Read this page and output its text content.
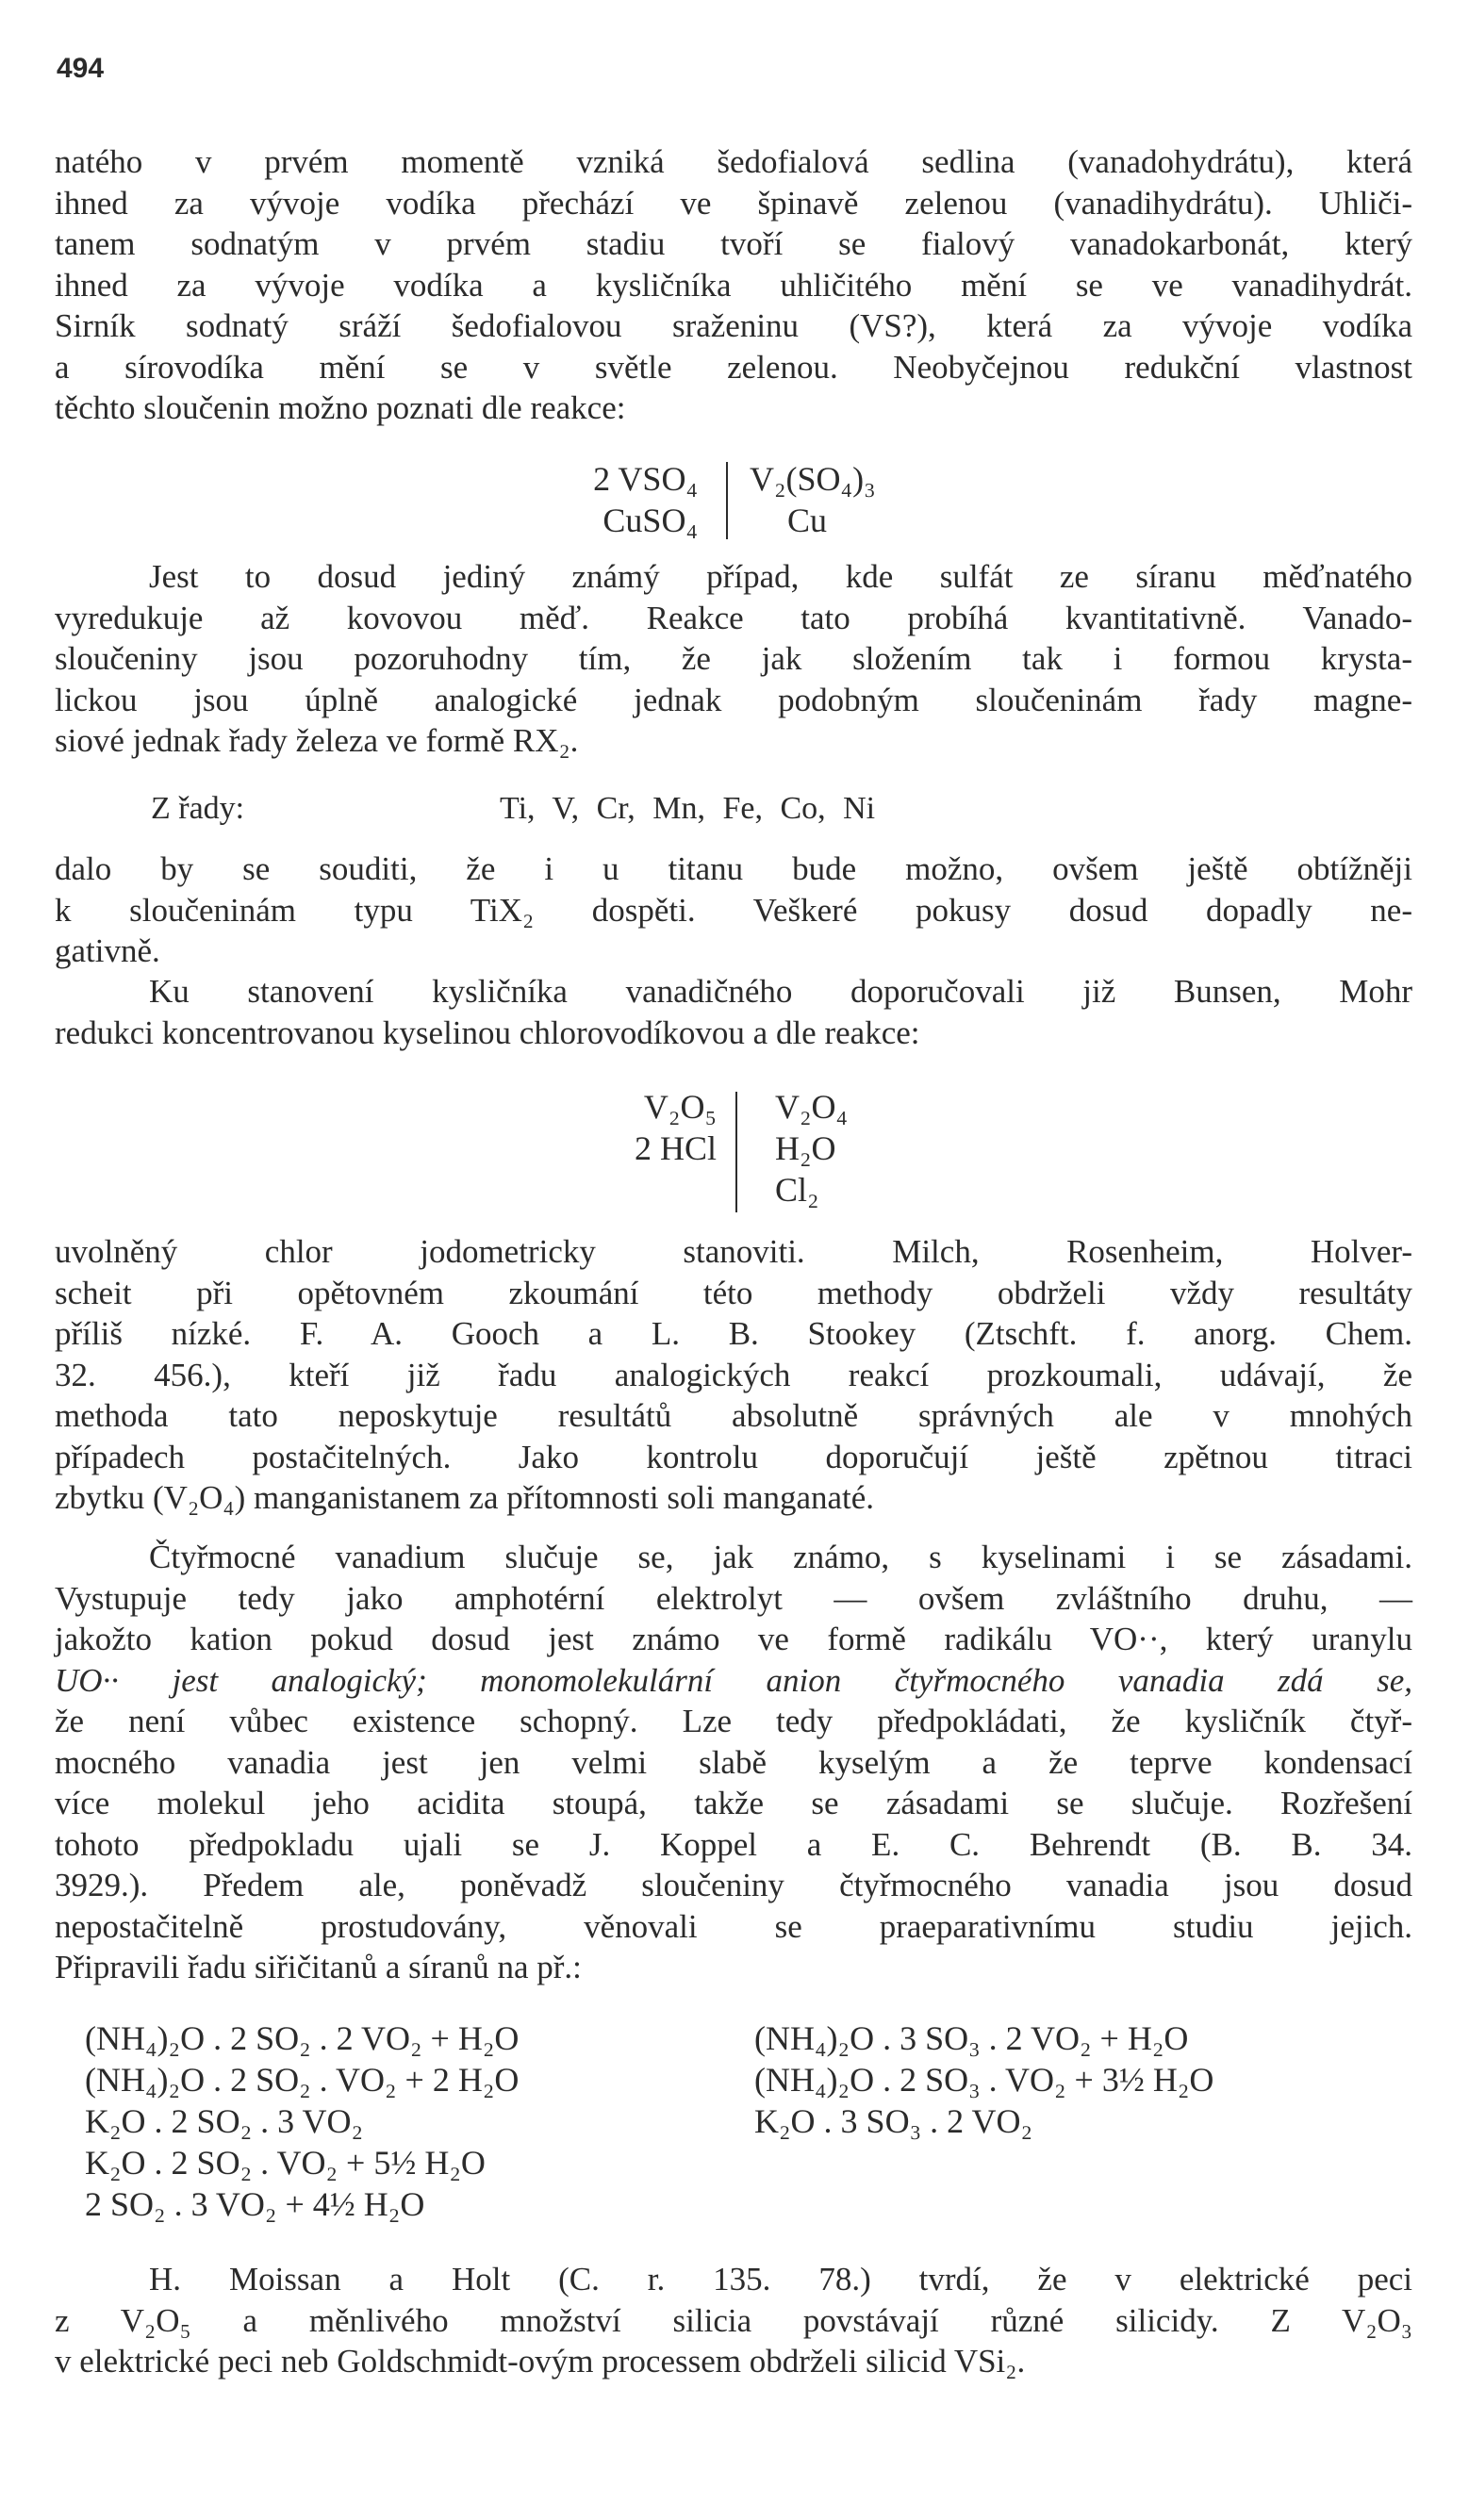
494

natého v prvém momentě vzniká šedofialová sedlina (vanadohydrátu), která
ihned za vývoje vodíka přechází ve špinavě zelenou (vanadihydrátu). Uhliči-
tanem sodnatým v prvém stadiu tvoří se fialový vanadokarbonát, který
ihned za vývoje vodíka a kysličníka uhličitého mění se ve vanadihydrát.
Sirník sodnatý sráží šedofialovou sraženinu (VS?), která za vývoje vodíka
a sírovodíka mění se v světle zelenou. Neobyčejnou redukční vlastnost
těchto sloučenin možno poznati dle reakce:

2 VSO₄
CuSO₄
V₂(SO₄)₃
Cu

Jest to dosud jediný známý případ, kde sulfát ze síranu měďnatého
vyredukuje až kovovou měď. Reakce tato probíhá kvantitativně. Vanado-
sloučeniny jsou pozoruhodny tím, že jak složením tak i formou krysta-
lickou jsou úplně analogické jednak podobným sloučeninám řady magne-
siové jednak řady železa ve formě RX₂.

Z řady:	Ti, V, Cr, Mn, Fe, Co, Ni

dalo by se souditi, že i u titanu bude možno, ovšem ještě obtížněji
k sloučeninám typu TiX₂ dospěti. Veškeré pokusy dosud dopadly ne-
gativně.

Ku stanovení kysličníka vanadičného doporučovali již Bunsen, Mohr
redukci koncentrovanou kyselinou chlorovodíkovou a dle reakce:

V₂O₅
2 HCl
V₂O₄
H₂O
Cl₂

uvolněný chlor jodometricky stanoviti. Milch, Rosenheim, Holver-
scheit při opětovném zkoumání této methody obdrželi vždy resultáty
příliš nízké. F. A. Gooch a L. B. Stookey (Ztschft. f. anorg. Chem.
32. 456.), kteří již řadu analogických reakcí prozkoumali, udávají, že
methoda tato neposkytuje resultátů absolutně správných ale v mnohých
případech postačitelných. Jako kontrolu doporučují ještě zpětnou titraci
zbytku (V₂O₄) manganistanem za přítomnosti soli manganaté.

Čtyřmocné vanadium slučuje se, jak známo, s kyselinami i se zásadami.
Vystupuje tedy jako amphotérní elektrolyt — ovšem zvláštního druhu, —
jakožto kation pokud dosud jest známo ve formě radikálu VO··, který uranylu
UO·· jest analogický; monomolekulární anion čtyřmocného vanadia zdá se,
že není vůbec existence schopný. Lze tedy předpokládati, že kysličník čtyř-
mocného vanadia jest jen velmi slabě kyselým a že teprve kondensací
více molekul jeho acidita stoupá, takže se zásadami se slučuje. Rozřešení
tohoto předpokladu ujali se J. Koppel a E. C. Behrendt (B. B. 34.
3929.). Předem ale, poněvadž sloučeniny čtyřmocného vanadia jsou dosud
nepostačitelně prostudovány, věnovali se praeparativnímu studiu jejich.
Připravili řadu siřičitanů a síranů na př.:

(NH₄)₂O . 2 SO₂ . 2 VO₂ + H₂O
(NH₄)₂O . 2 SO₂ . VO₂ + 2 H₂O
K₂O . 2 SO₂ . 3 VO₂
K₂O . 2 SO₂ . VO₂ + 5½ H₂O
2 SO₂ . 3 VO₂ + 4½ H₂O
(NH₄)₂O . 3 SO₃ . 2 VO₂ + H₂O
(NH₄)₂O . 2 SO₃ . VO₂ + 3½ H₂O
K₂O . 3 SO₃ . 2 VO₂

H. Moissan a Holt (C. r. 135. 78.) tvrdí, že v elektrické peci
z V₂O₅ a měnlivého množství silicia povstávají různé silicidy. Z V₂O₃
v elektrické peci neb Goldschmidt-ovým processem obdrželi silicid VSi₂.
